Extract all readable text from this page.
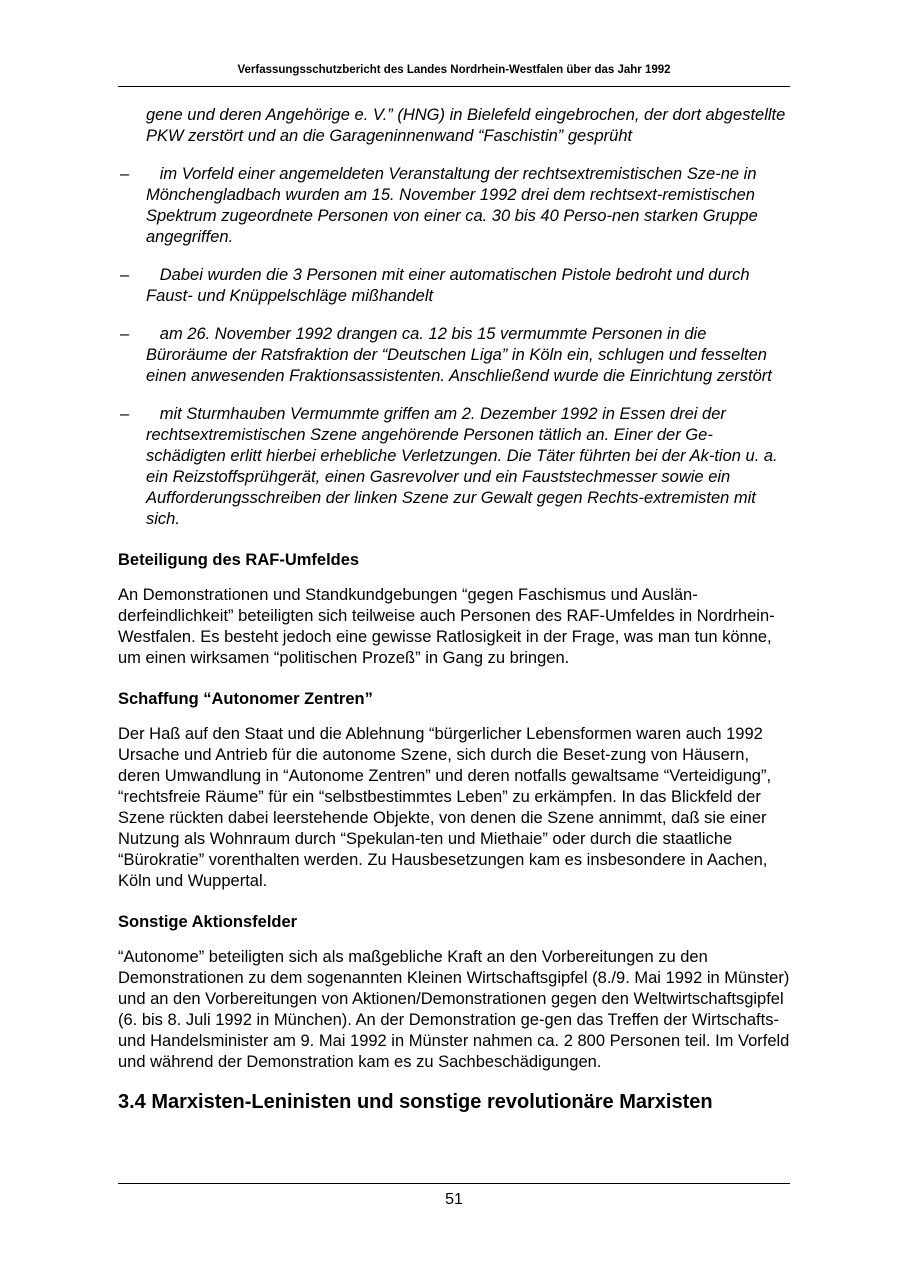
Verfassungsschutzbericht des Landes Nordrhein-Westfalen über das Jahr 1992

gene und deren Angehörige e. V.” (HNG) in Bielefeld eingebrochen, der dort abgestellte PKW zerstört und an die Garageninnenwand “Faschistin” gesprüht

– im Vorfeld einer angemeldeten Veranstaltung der rechtsextremistischen Sze-ne in Mönchengladbach wurden am 15. November 1992 drei dem rechtsext-remistischen Spektrum zugeordnete Personen von einer ca. 30 bis 40 Perso-nen starken Gruppe angegriffen.
– Dabei wurden die 3 Personen mit einer automatischen Pistole bedroht und durch Faust- und Knüppelschläge mißhandelt
– am 26. November 1992 drangen ca. 12 bis 15 vermummte Personen in die Büroräume der Ratsfraktion der “Deutschen Liga” in Köln ein, schlugen und fesselten einen anwesenden Fraktionsassistenten. Anschließend wurde die Einrichtung zerstört
– mit Sturmhauben Vermummte griffen am 2. Dezember 1992 in Essen drei der rechtsextremistischen Szene angehörende Personen tätlich an. Einer der Ge-schädigten erlitt hierbei erhebliche Verletzungen. Die Täter führten bei der Ak-tion u. a. ein Reizstoffsprühgerät, einen Gasrevolver und ein Fauststechmesser sowie ein Aufforderungsschreiben der linken Szene zur Gewalt gegen Rechts-extremisten mit sich.
Beteiligung des RAF-Umfeldes

An Demonstrationen und Standkundgebungen “gegen Faschismus und Auslän-derfeindlichkeit” beteiligten sich teilweise auch Personen des RAF-Umfeldes in Nordrhein-Westfalen. Es besteht jedoch eine gewisse Ratlosigkeit in der Frage, was man tun könne, um einen wirksamen “politischen Prozeß” in Gang zu bringen.

Schaffung “Autonomer Zentren”

Der Haß auf den Staat und die Ablehnung “bürgerlicher Lebensformen waren auch 1992 Ursache und Antrieb für die autonome Szene, sich durch die Beset-zung von Häusern, deren Umwandlung in “Autonome Zentren” und deren notfalls gewaltsame “Verteidigung”, “rechtsfreie Räume” für ein “selbstbestimmtes Leben” zu erkämpfen. In das Blickfeld der Szene rückten dabei leerstehende Objekte, von denen die Szene annimmt, daß sie einer Nutzung als Wohnraum durch “Spekulan-ten und Miethaie” oder durch die staatliche “Bürokratie” vorenthalten werden. Zu Hausbesetzungen kam es insbesondere in Aachen, Köln und Wuppertal.

Sonstige Aktionsfelder

“Autonome” beteiligten sich als maßgebliche Kraft an den Vorbereitungen zu den Demonstrationen zu dem sogenannten Kleinen Wirtschaftsgipfel (8./9. Mai 1992 in Münster) und an den Vorbereitungen von Aktionen/Demonstrationen gegen den Weltwirtschaftsgipfel (6. bis 8. Juli 1992 in München). An der Demonstration ge-gen das Treffen der Wirtschafts- und Handelsminister am 9. Mai 1992 in Münster nahmen ca. 2 800 Personen teil. Im Vorfeld und während der Demonstration kam es zu Sachbeschädigungen.

3.4 Marxisten-Leninisten und sonstige revolutionäre Marxisten
51
